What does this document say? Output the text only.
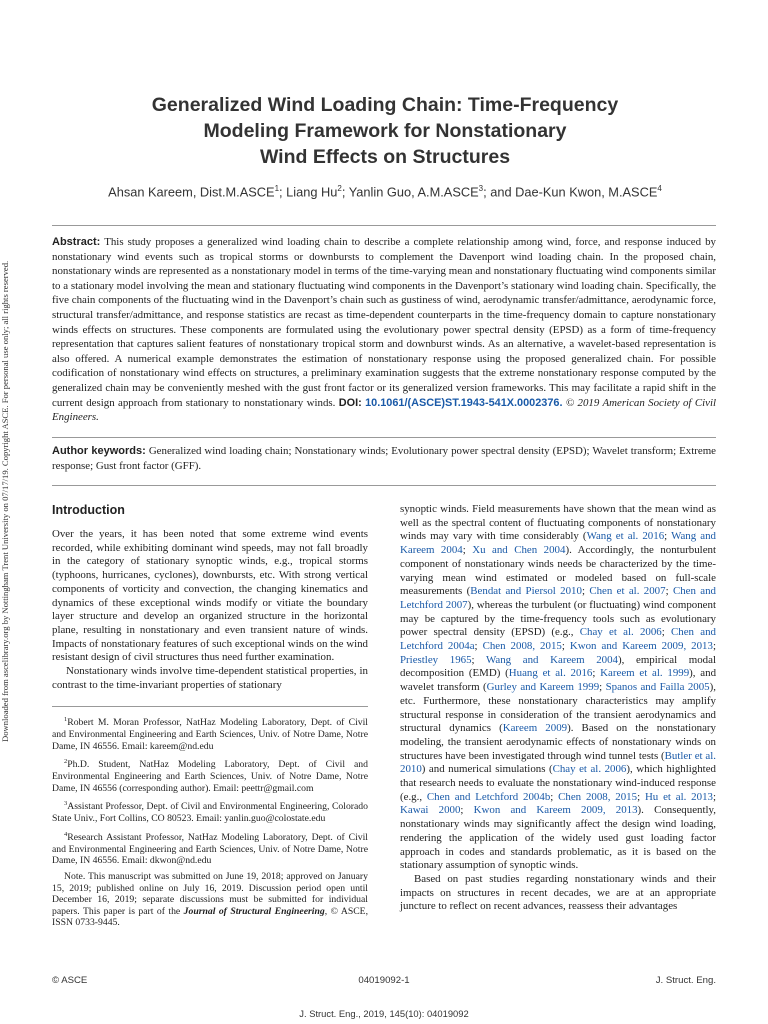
Downloaded from ascelibrary.org by Nottingham Trent University on 07/17/19. Copyright ASCE. For personal use only; all rights reserved.
Generalized Wind Loading Chain: Time-Frequency
Modeling Framework for Nonstationary
Wind Effects on Structures
Ahsan Kareem, Dist.M.ASCE$^1$; Liang Hu$^2$; Yanlin Guo, A.M.ASCE$^3$; and Dae-Kun Kwon, M.ASCE$^4$
Abstract: This study proposes a generalized wind loading chain to describe a complete relationship among wind, force, and response induced by nonstationary wind events such as tropical storms or downbursts to complement the Davenport wind loading chain. In the proposed chain, nonstationary winds are represented as a nonstationary model in terms of the time-varying mean and nonstationary fluctuating wind components similar to a stationary model involving the mean and stationary fluctuating wind components in the Davenport’s stationary wind loading chain. Specifically, the five chain components of the fluctuating wind in the Davenport’s chain such as gustiness of wind, aerodynamic transfer/admittance, aerodynamic force, structural transfer/admittance, and response statistics are recast as time-dependent counterparts in the time-frequency domain to capture nonstationary winds effects on structures. These components are formulated using the evolutionary power spectral density (EPSD) as a form of time-frequency representation that captures salient features of nonstationary tropical storm and downburst winds. As an alternative, a wavelet-based representation is also offered. A numerical example demonstrates the estimation of nonstationary response using the proposed generalized chain. For possible codification of nonstationary wind effects on structures, a preliminary examination suggests that the extreme nonstationary response computed by the generalized chain may be conveniently meshed with the gust front factor or its generalized version frameworks. This may facilitate a rapid shift in the current design approach from stationary to nonstationary winds. DOI: 10.1061/(ASCE)ST.1943-541X.0002376. © 2019 American Society of Civil Engineers.
Author keywords: Generalized wind loading chain; Nonstationary winds; Evolutionary power spectral density (EPSD); Wavelet transform; Extreme response; Gust front factor (GFF).
Introduction

Over the years, it has been noted that some extreme wind events recorded, while exhibiting dominant wind speeds, may not fall broadly in the category of stationary synoptic winds, e.g., tropical storms (typhoons, hurricanes, cyclones), downbursts, etc. With strong vertical components of vorticity and convection, the changing kinematics and dynamics of these exceptional winds modify or vitiate the boundary layer structure and develop an organized structure in the horizontal plane, resulting in nonstationary and even transient nature of winds. Impacts of nonstationary features of such exceptional winds on the wind resistant design of civil structures thus need further examination.

Nonstationary winds involve time-dependent statistical properties, in contrast to the time-invariant properties of stationary

$^1$Robert M. Moran Professor, NatHaz Modeling Laboratory, Dept. of Civil and Environmental Engineering and Earth Sciences, Univ. of Notre Dame, Notre Dame, IN 46556. Email: kareem@nd.edu

$^2$Ph.D. Student, NatHaz Modeling Laboratory, Dept. of Civil and Environmental Engineering and Earth Sciences, Univ. of Notre Dame, Notre Dame, IN 46556 (corresponding author). Email: peettr@gmail.com

$^3$Assistant Professor, Dept. of Civil and Environmental Engineering, Colorado State Univ., Fort Collins, CO 80523. Email: yanlin.guo@colostate.edu

$^4$Research Assistant Professor, NatHaz Modeling Laboratory, Dept. of Civil and Environmental Engineering and Earth Sciences, Univ. of Notre Dame, Notre Dame, IN 46556. Email: dkwon@nd.edu

Note. This manuscript was submitted on June 19, 2018; approved on January 15, 2019; published online on July 16, 2019. Discussion period open until December 16, 2019; separate discussions must be submitted for individual papers. This paper is part of the Journal of Structural Engineering, © ASCE, ISSN 0733-9445.

synoptic winds. Field measurements have shown that the mean wind as well as the spectral content of fluctuating components of nonstationary winds may vary with time considerably (Wang et al. 2016; Wang and Kareem 2004; Xu and Chen 2004). Accordingly, the nonturbulent component of nonstationary winds needs be characterized by the time-varying mean wind estimated or modeled based on full-scale measurements (Bendat and Piersol 2010; Chen et al. 2007; Chen and Letchford 2007), whereas the turbulent (or fluctuating) wind component may be captured by the time-frequency tools such as evolutionary power spectral density (EPSD) (e.g., Chay et al. 2006; Chen and Letchford 2004a; Chen 2008, 2015; Kwon and Kareem 2009, 2013; Priestley 1965; Wang and Kareem 2004), empirical modal decomposition (EMD) (Huang et al. 2016; Kareem et al. 1999), and wavelet transform (Gurley and Kareem 1999; Spanos and Failla 2005), etc. Furthermore, these nonstationary characteristics may amplify structural response in consideration of the transient aerodynamics and structural dynamics (Kareem 2009). Based on the nonstationary modeling, the transient aerodynamic effects of nonstationary winds on structures have been investigated through wind tunnel tests (Butler et al. 2010) and numerical simulations (Chay et al. 2006), which highlighted that research needs to evaluate the nonstationary wind-induced response (e.g., Chen and Letchford 2004b; Chen 2008, 2015; Hu et al. 2013; Kawai 2000; Kwon and Kareem 2009, 2013). Consequently, nonstationary winds may significantly affect the design wind loading, rendering the application of the widely used gust loading factor approach in codes and standards problematic, as it is based on the stationary assumption of synoptic winds.

Based on past studies regarding nonstationary winds and their impacts on structures in recent decades, we are at an appropriate juncture to reflect on recent advances, reassess their advantages

© ASCE	04019092-1	J. Struct. Eng.
J. Struct. Eng., 2019, 145(10): 04019092
